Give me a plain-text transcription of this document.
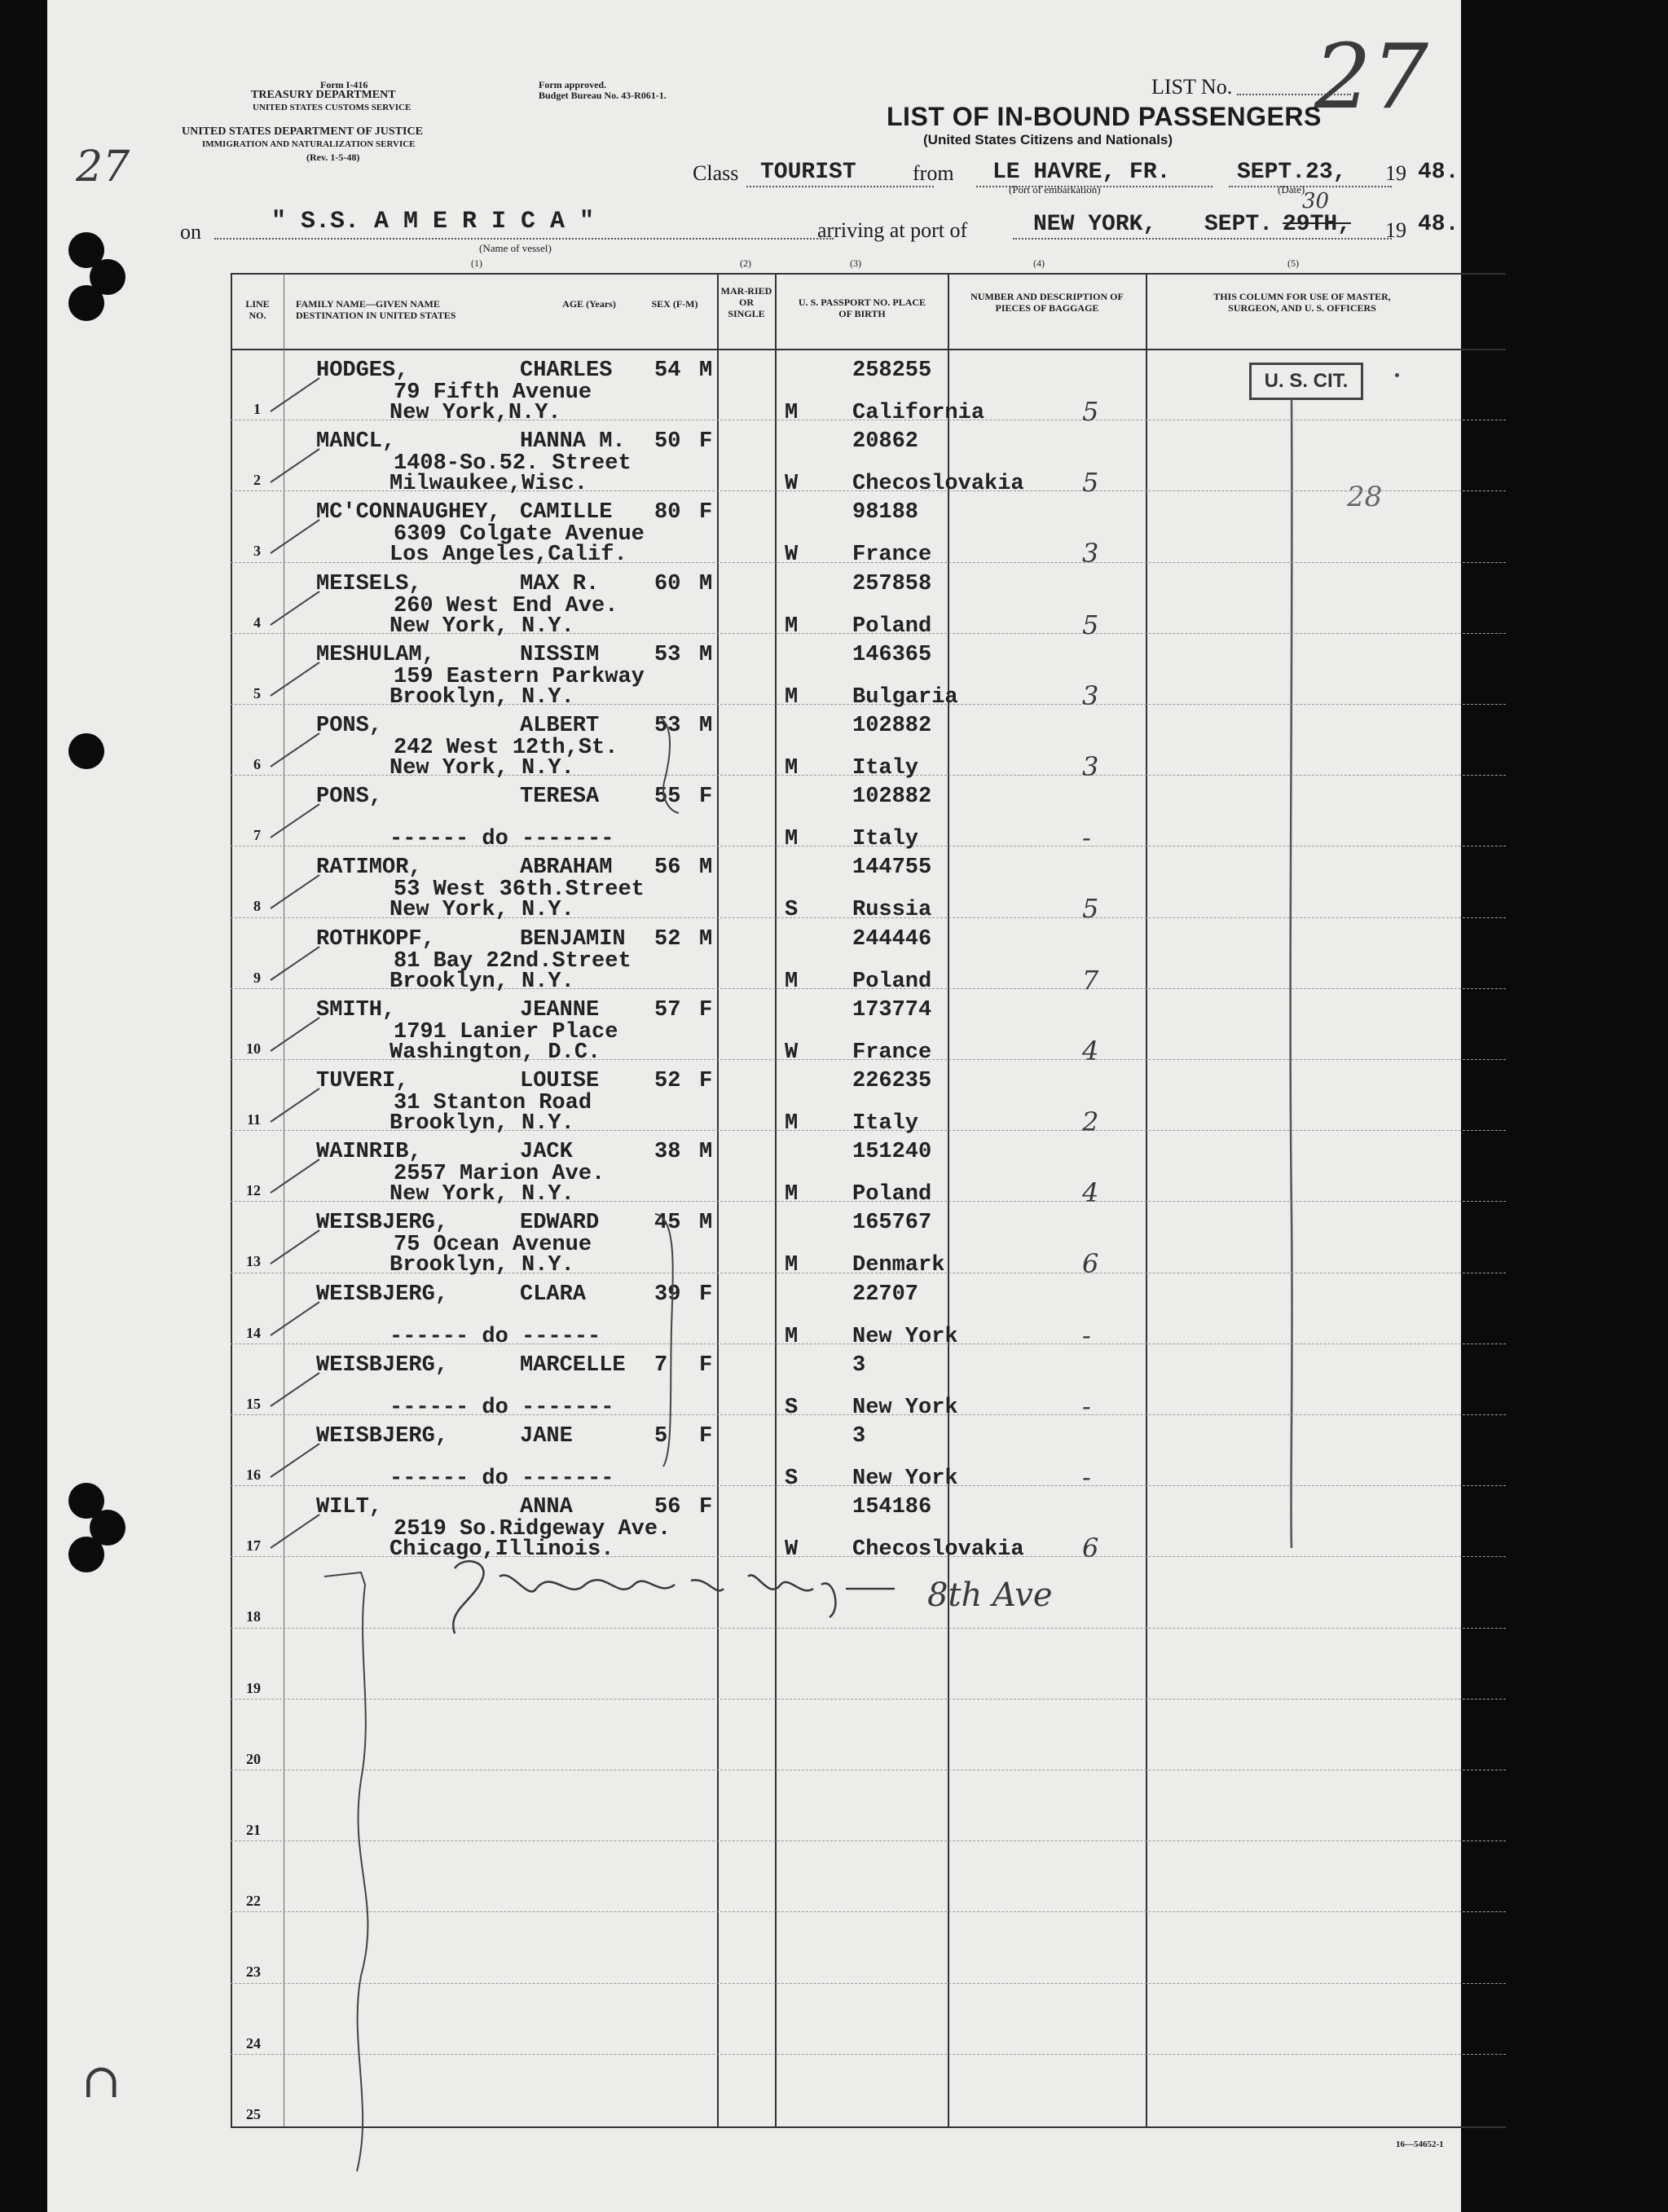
27
∩
Form I-416
TREASURY DEPARTMENT
UNITED STATES CUSTOMS SERVICE
UNITED STATES DEPARTMENT OF JUSTICE
IMMIGRATION AND NATURALIZATION SERVICE
(Rev. 1-5-48)
Form approved.
Budget Bureau No. 43-R061-1.	LIST No. 27
LIST OF IN-BOUND PASSENGERS
(United States Citizens and Nationals)
Class TOURIST	from LE HAVRE, FR.
(Port of embarkation)
SEPT.23,
(Date)
19 48.
on	" S.S. A M E R I C A "
(Name of vessel)
arriving at port of	NEW YORK, SEPT. 29TH,
30
19 48.
(1)	(2)	(3)	(4)	(5)
LINE NO.
FAMILY NAME—GIVEN NAME DESTINATION IN UNITED STATES
AGE (Years)	SEX (F-M)
MAR-RIED OR SINGLE
U. S. PASSPORT NO. PLACE OF BIRTH
NUMBER AND DESCRIPTION OF PIECES OF BAGGAGE
THIS COLUMN FOR USE OF MASTER, SURGEON, AND U. S. OFFICERS
U. S. CIT.
28
1
HODGES,	CHARLES 54 M
79 Fifth Avenue
New York,N.Y.	M
258255
California	5
2
MANCL,	HANNA M. 50 F
1408-So.52. Street
Milwaukee,Wisc.	W
20862
Checoslovakia 5
3
MC'CONNAUGHEY, CAMILLE 80 F
6309 Colgate Avenue
Los Angeles,Calif.	W
98188
France	3
4
MEISELS,	MAX R.	60 M
260 West End Ave.
New York, N.Y.	M
257858
Poland	5
5
MESHULAM,	NISSIM	53 M
159 Eastern Parkway
Brooklyn, N.Y.	M
146365
Bulgaria	3
6
PONS,	ALBERT	53 M
242 West 12th,St.
New York, N.Y.	M
102882
Italy	3
7
PONS,	TERESA	55 F
------ do -------	M
102882
Italy	-
8
RATIMOR,	ABRAHAM 56 M
53 West 36th.Street
New York, N.Y.	S
144755
Russia	5
9
ROTHKOPF,	BENJAMIN 52 M
81 Bay 22nd.Street
Brooklyn, N.Y.	M
244446
Poland	7
10
SMITH,	JEANNE	57 F
1791 Lanier Place
Washington, D.C.	W
173774
France	4
11
TUVERI,	LOUISE	52 F
31 Stanton Road
Brooklyn, N.Y.	M
226235
Italy	2
12
WAINRIB,	JACK	38 M
2557 Marion Ave.
New York, N.Y.	M
151240
Poland	4
13
WEISBJERG,	EDWARD	45 M
75 Ocean Avenue
Brooklyn, N.Y.	M
165767
Denmark	6
14
WEISBJERG,	CLARA	39 F
------ do ------	M
22707
New York	-
15
WEISBJERG,	MARCELLE 7 F
------ do -------	S
3
New York	-
16
WEISBJERG,	JANE	5 F
------ do -------	S
3
New York	-
17
WILT,	ANNA	56 F
2519 So.Ridgeway Ave.
Chicago,Illinois.	W
154186
Checoslovakia 6
18
19
20
21
22
23
24
25
8th Ave
16—54652-1
